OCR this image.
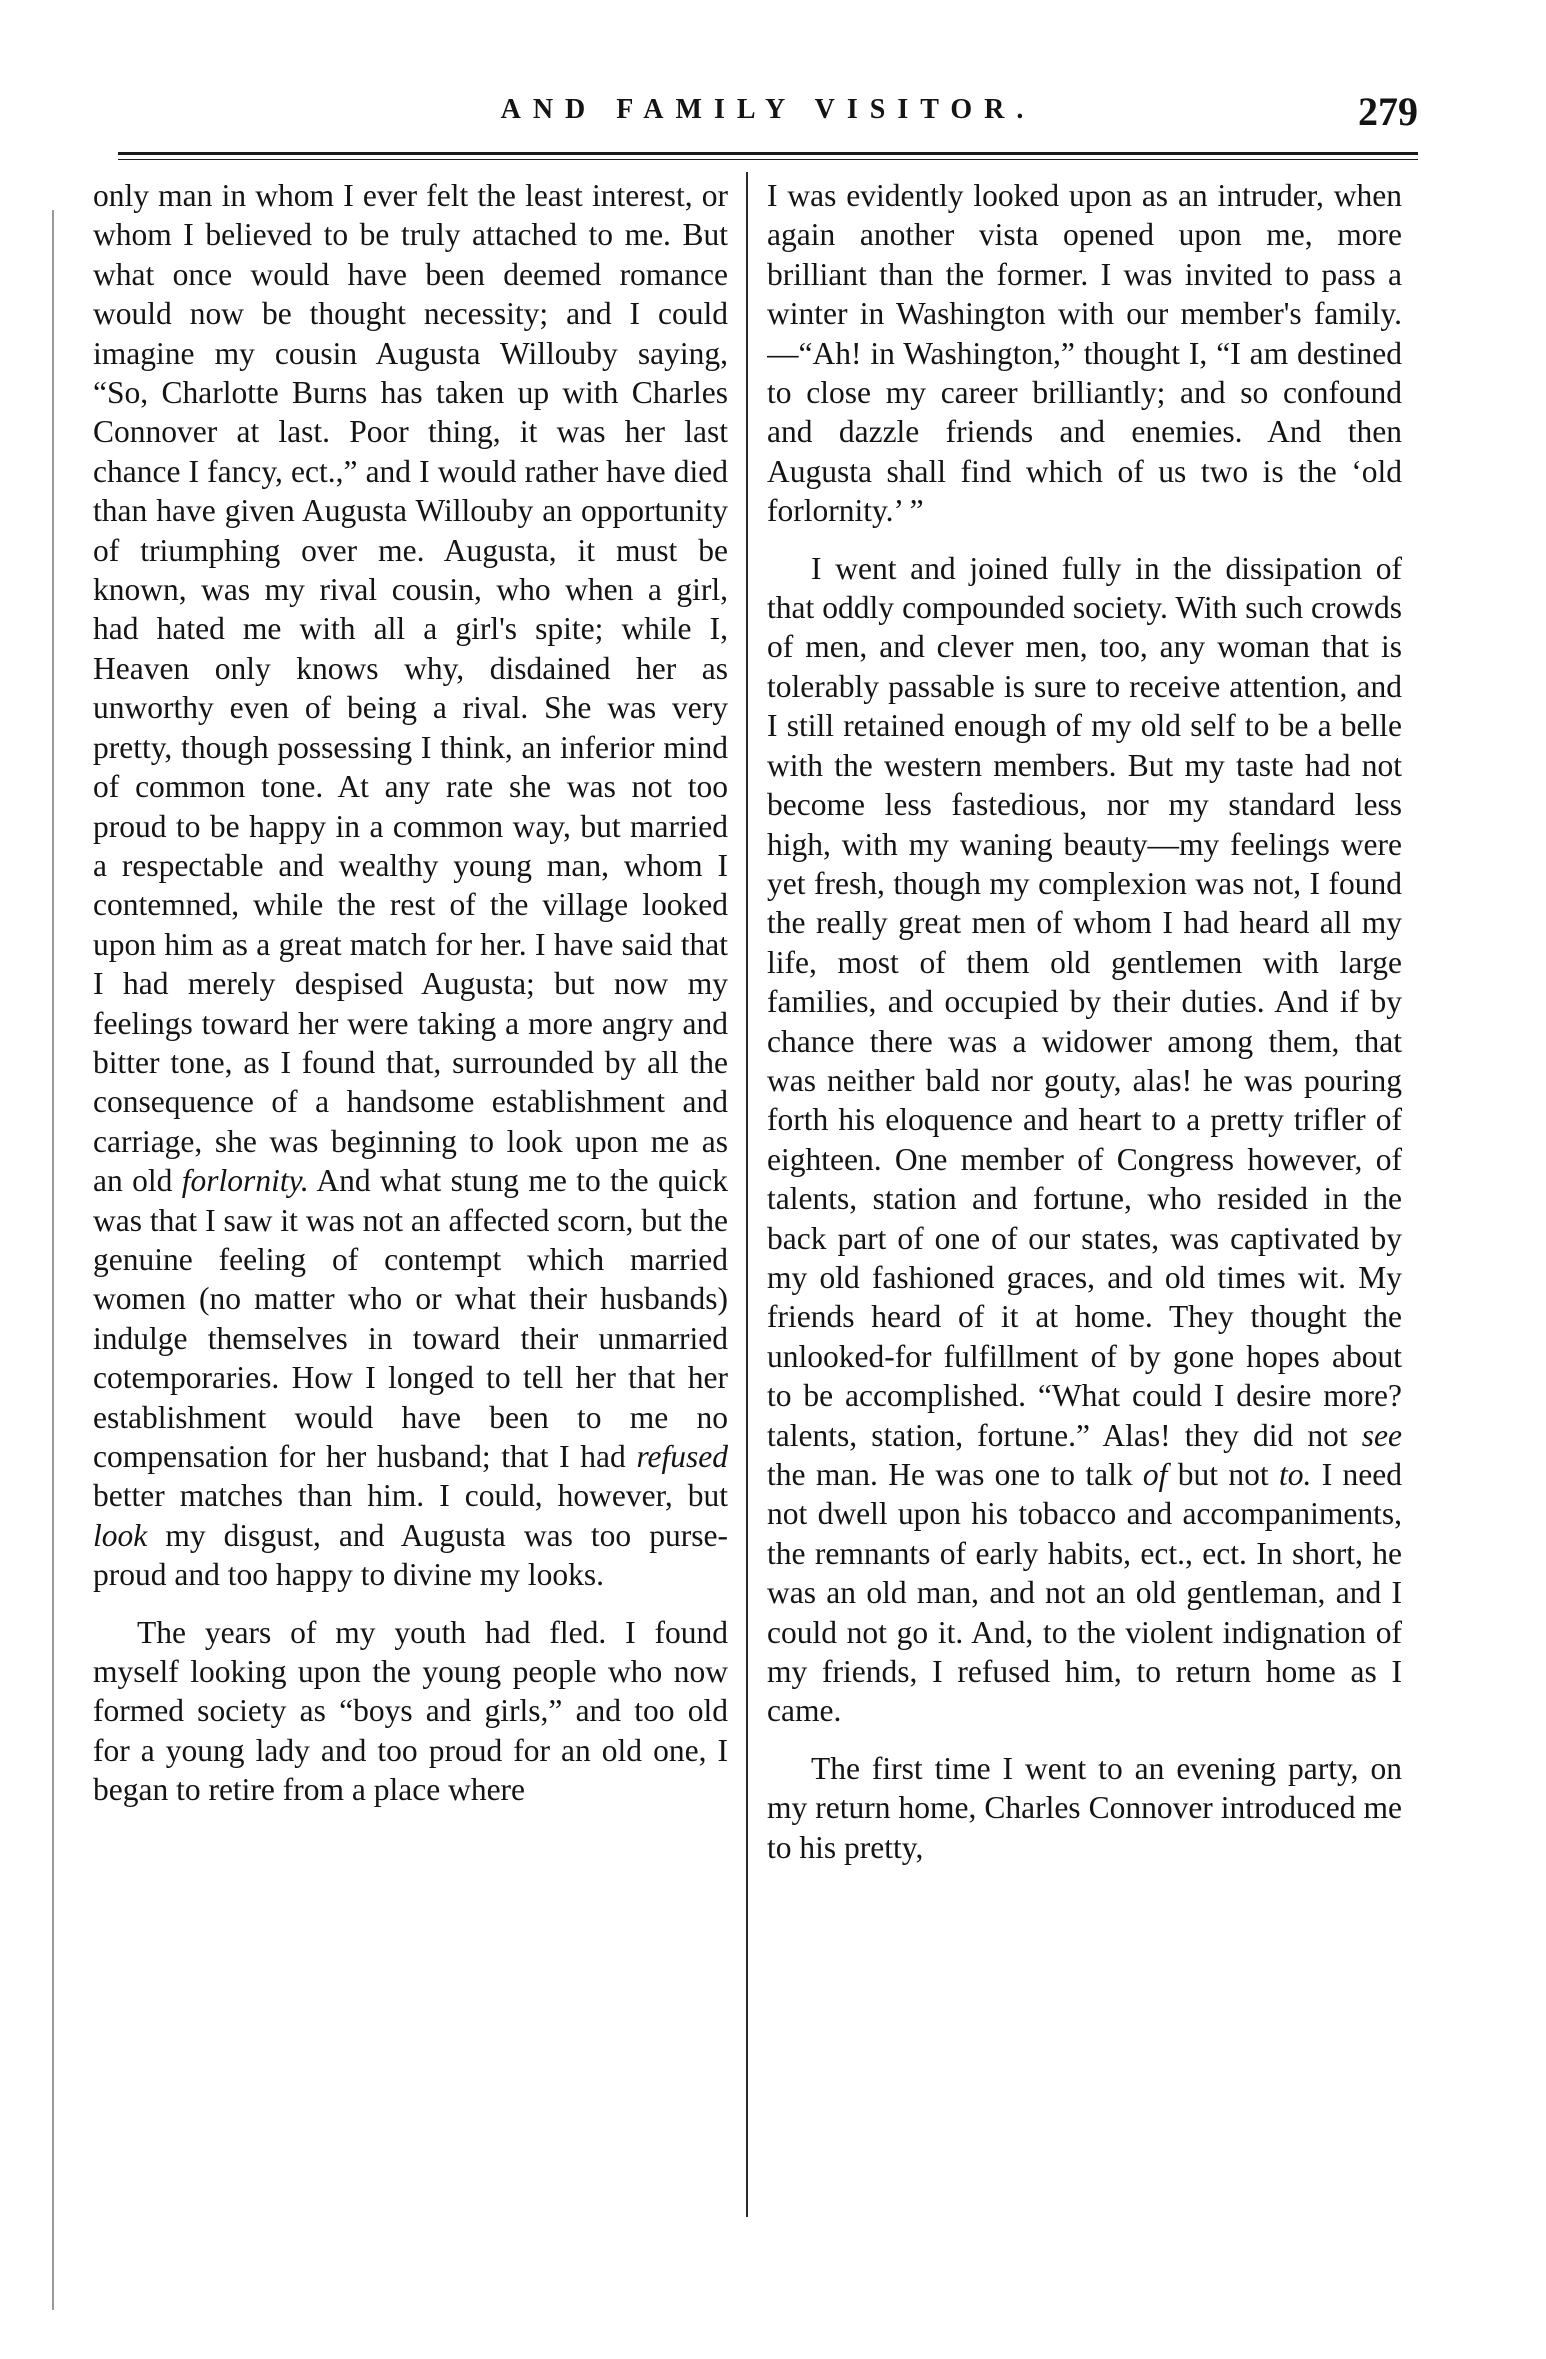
AND FAMILY VISITOR.	279

only man in whom I ever felt the least interest, or whom I believed to be truly attached to me. But what once would have been deemed romance would now be thought necessity; and I could imagine my cousin Augusta Willouby saying, “So, Charlotte Burns has taken up with Charles Connover at last. Poor thing, it was her last chance I fancy, ect.,” and I would rather have died than have given Augusta Willouby an opportunity of triumphing over me. Augusta, it must be known, was my rival cousin, who when a girl, had hated me with all a girl's spite; while I, Heaven only knows why, disdained her as unworthy even of being a rival. She was very pretty, though possessing I think, an inferior mind of common tone. At any rate she was not too proud to be happy in a common way, but married a respectable and wealthy young man, whom I contemned, while the rest of the village looked upon him as a great match for her. I have said that I had merely despised Augusta; but now my feelings toward her were taking a more angry and bitter tone, as I found that, surrounded by all the consequence of a handsome establishment and carriage, she was beginning to look upon me as an old forlornity. And what stung me to the quick was that I saw it was not an affected scorn, but the genuine feeling of contempt which married women (no matter who or what their husbands) indulge themselves in toward their unmarried cotemporaries. How I longed to tell her that her establishment would have been to me no compensation for her husband; that I had refused better matches than him. I could, however, but look my disgust, and Augusta was too purse-proud and too happy to divine my looks.

The years of my youth had fled. I found myself looking upon the young people who now formed society as “boys and girls,” and too old for a young lady and too proud for an old one, I began to retire from a place where

I was evidently looked upon as an intruder, when again another vista opened upon me, more brilliant than the former. I was invited to pass a winter in Washington with our member's family.—“Ah! in Washington,” thought I, “I am destined to close my career brilliantly; and so confound and dazzle friends and enemies. And then Augusta shall find which of us two is the ‘old forlornity.’ ”

I went and joined fully in the dissipation of that oddly compounded society. With such crowds of men, and clever men, too, any woman that is tolerably passable is sure to receive attention, and I still retained enough of my old self to be a belle with the western members. But my taste had not become less fastedious, nor my standard less high, with my waning beauty—my feelings were yet fresh, though my complexion was not, I found the really great men of whom I had heard all my life, most of them old gentlemen with large families, and occupied by their duties. And if by chance there was a widower among them, that was neither bald nor gouty, alas! he was pouring forth his eloquence and heart to a pretty trifler of eighteen. One member of Congress however, of talents, station and fortune, who resided in the back part of one of our states, was captivated by my old fashioned graces, and old times wit. My friends heard of it at home. They thought the unlooked-for fulfillment of by gone hopes about to be accomplished. “What could I desire more? talents, station, fortune.” Alas! they did not see the man. He was one to talk of but not to. I need not dwell upon his tobacco and accompaniments, the remnants of early habits, ect., ect. In short, he was an old man, and not an old gentleman, and I could not go it. And, to the violent indignation of my friends, I refused him, to return home as I came.

The first time I went to an evening party, on my return home, Charles Connover introduced me to his pretty,
